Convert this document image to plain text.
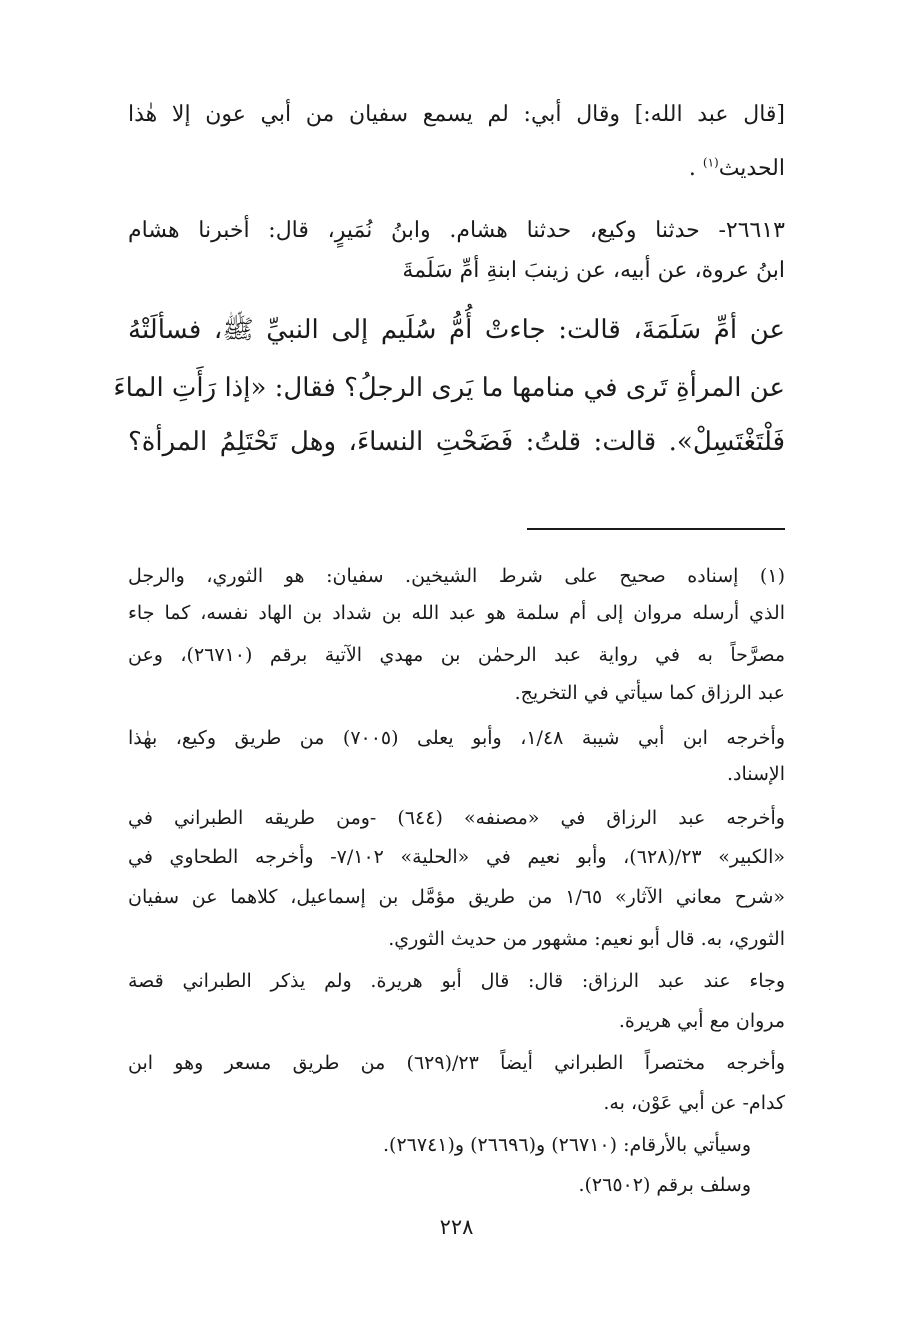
[قال عبد الله:] وقال أبي: لم يسمع سفيان من أبي عون إلا هٰذا
الحديث$^{(١)}$ .
٢٦٦١٣- حدثنا وكيع، حدثنا هشام. وابنُ نُمَيرٍ، قال: أخبرنا هشام
ابنُ عروة، عن أبيه، عن زينبَ ابنةِ أمِّ سَلَمةَ
عن أمِّ سَلَمَةَ، قالت: جاءتْ أُمُّ سُلَيم إلى النبيِّ ﷺ، فسألَتْهُ
عن المرأةِ تَرى في منامها ما يَرى الرجلُ؟ فقال: «إذا رَأَتِ الماءَ
فَلْتَغْتَسِلْ». قالت: قلتُ: فَضَحْتِ النساءَ، وهل تَحْتَلِمُ المرأة؟
(١) إسناده صحيح على شرط الشيخين. سفيان: هو الثوري، والرجل
الذي أرسله مروان إلى أم سلمة هو عبد الله بن شداد بن الهاد نفسه، كما جاء
مصرَّحاً به في رواية عبد الرحمٰن بن مهدي الآتية برقم (٢٦٧١٠)، وعن
عبد الرزاق كما سيأتي في التخريج.
وأخرجه ابن أبي شيبة ١/٤٨، وأبو يعلى (٧٠٠٥) من طريق وكيع، بهٰذا
الإسناد.
وأخرجه عبد الرزاق في «مصنفه» (٦٤٤) -ومن طريقه الطبراني في
«الكبير» ٢٣/(٦٢٨)، وأبو نعيم في «الحلية» ٧/١٠٢- وأخرجه الطحاوي في
«شرح معاني الآثار» ١/٦٥ من طريق مؤمَّل بن إسماعيل، كلاهما عن سفيان
الثوري، به. قال أبو نعيم: مشهور من حديث الثوري.
وجاء عند عبد الرزاق: قال: قال أبو هريرة. ولم يذكر الطبراني قصة
مروان مع أبي هريرة.
وأخرجه مختصراً الطبراني أيضاً ٢٣/(٦٢٩) من طريق مسعر وهو ابن
كدام- عن أبي عَوْن، به.
وسيأتي بالأرقام: (٢٦٧١٠) و(٢٦٦٩٦) و(٢٦٧٤١).
وسلف برقم (٢٦٥٠٢).
٢٢٨
